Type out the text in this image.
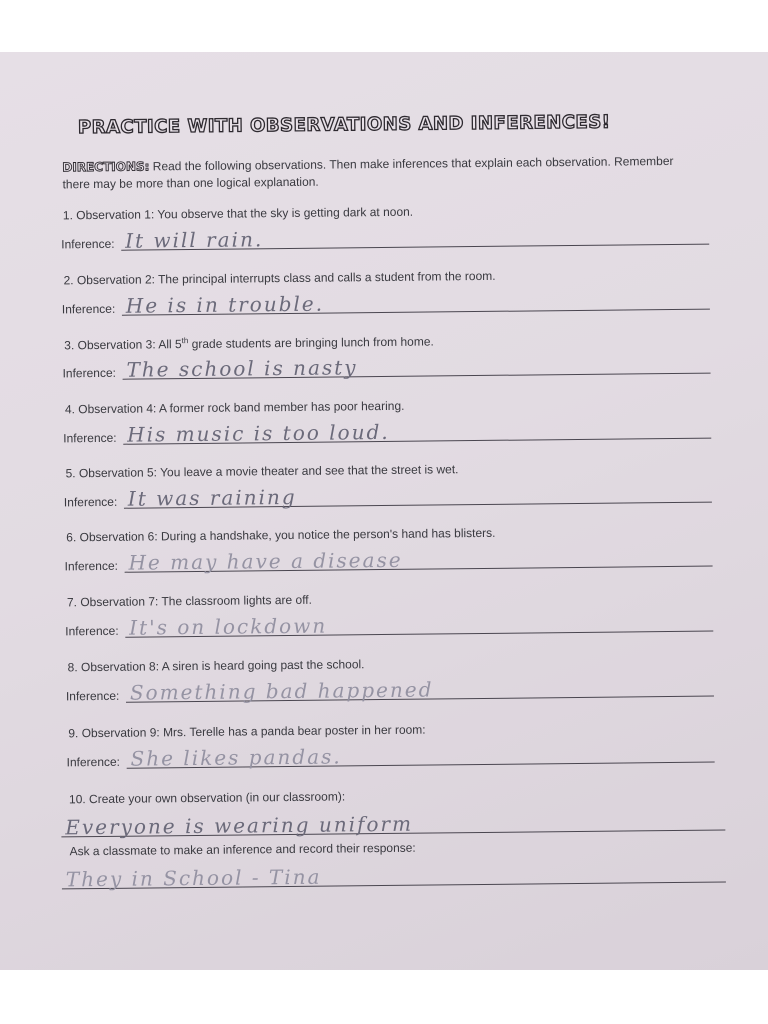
PRACTICE WITH OBSERVATIONS AND INFERENCES!
DIRECTIONS: Read the following observations. Then make inferences that explain each observation. Remember there may be more than one logical explanation.
1. Observation 1: You observe that the sky is getting dark at noon.
Inference: It will rain.
2. Observation 2: The principal interrupts class and calls a student from the room.
Inference: He is in trouble.
3. Observation 3: All 5th grade students are bringing lunch from home.
Inference: The school is nasty
4. Observation 4: A former rock band member has poor hearing.
Inference: His music is too loud.
5. Observation 5: You leave a movie theater and see that the street is wet.
Inference: It was raining
6. Observation 6: During a handshake, you notice the person's hand has blisters.
Inference: He may have a disease
7. Observation 7: The classroom lights are off.
Inference: It's on lockdown
8. Observation 8: A siren is heard going past the school.
Inference: Something bad happened
9. Observation 9: Mrs. Terelle has a panda bear poster in her room:
Inference: She likes pandas.
10. Create your own observation (in our classroom):
Everyone is wearing uniform
Ask a classmate to make an inference and record their response:
They in School - Tina
